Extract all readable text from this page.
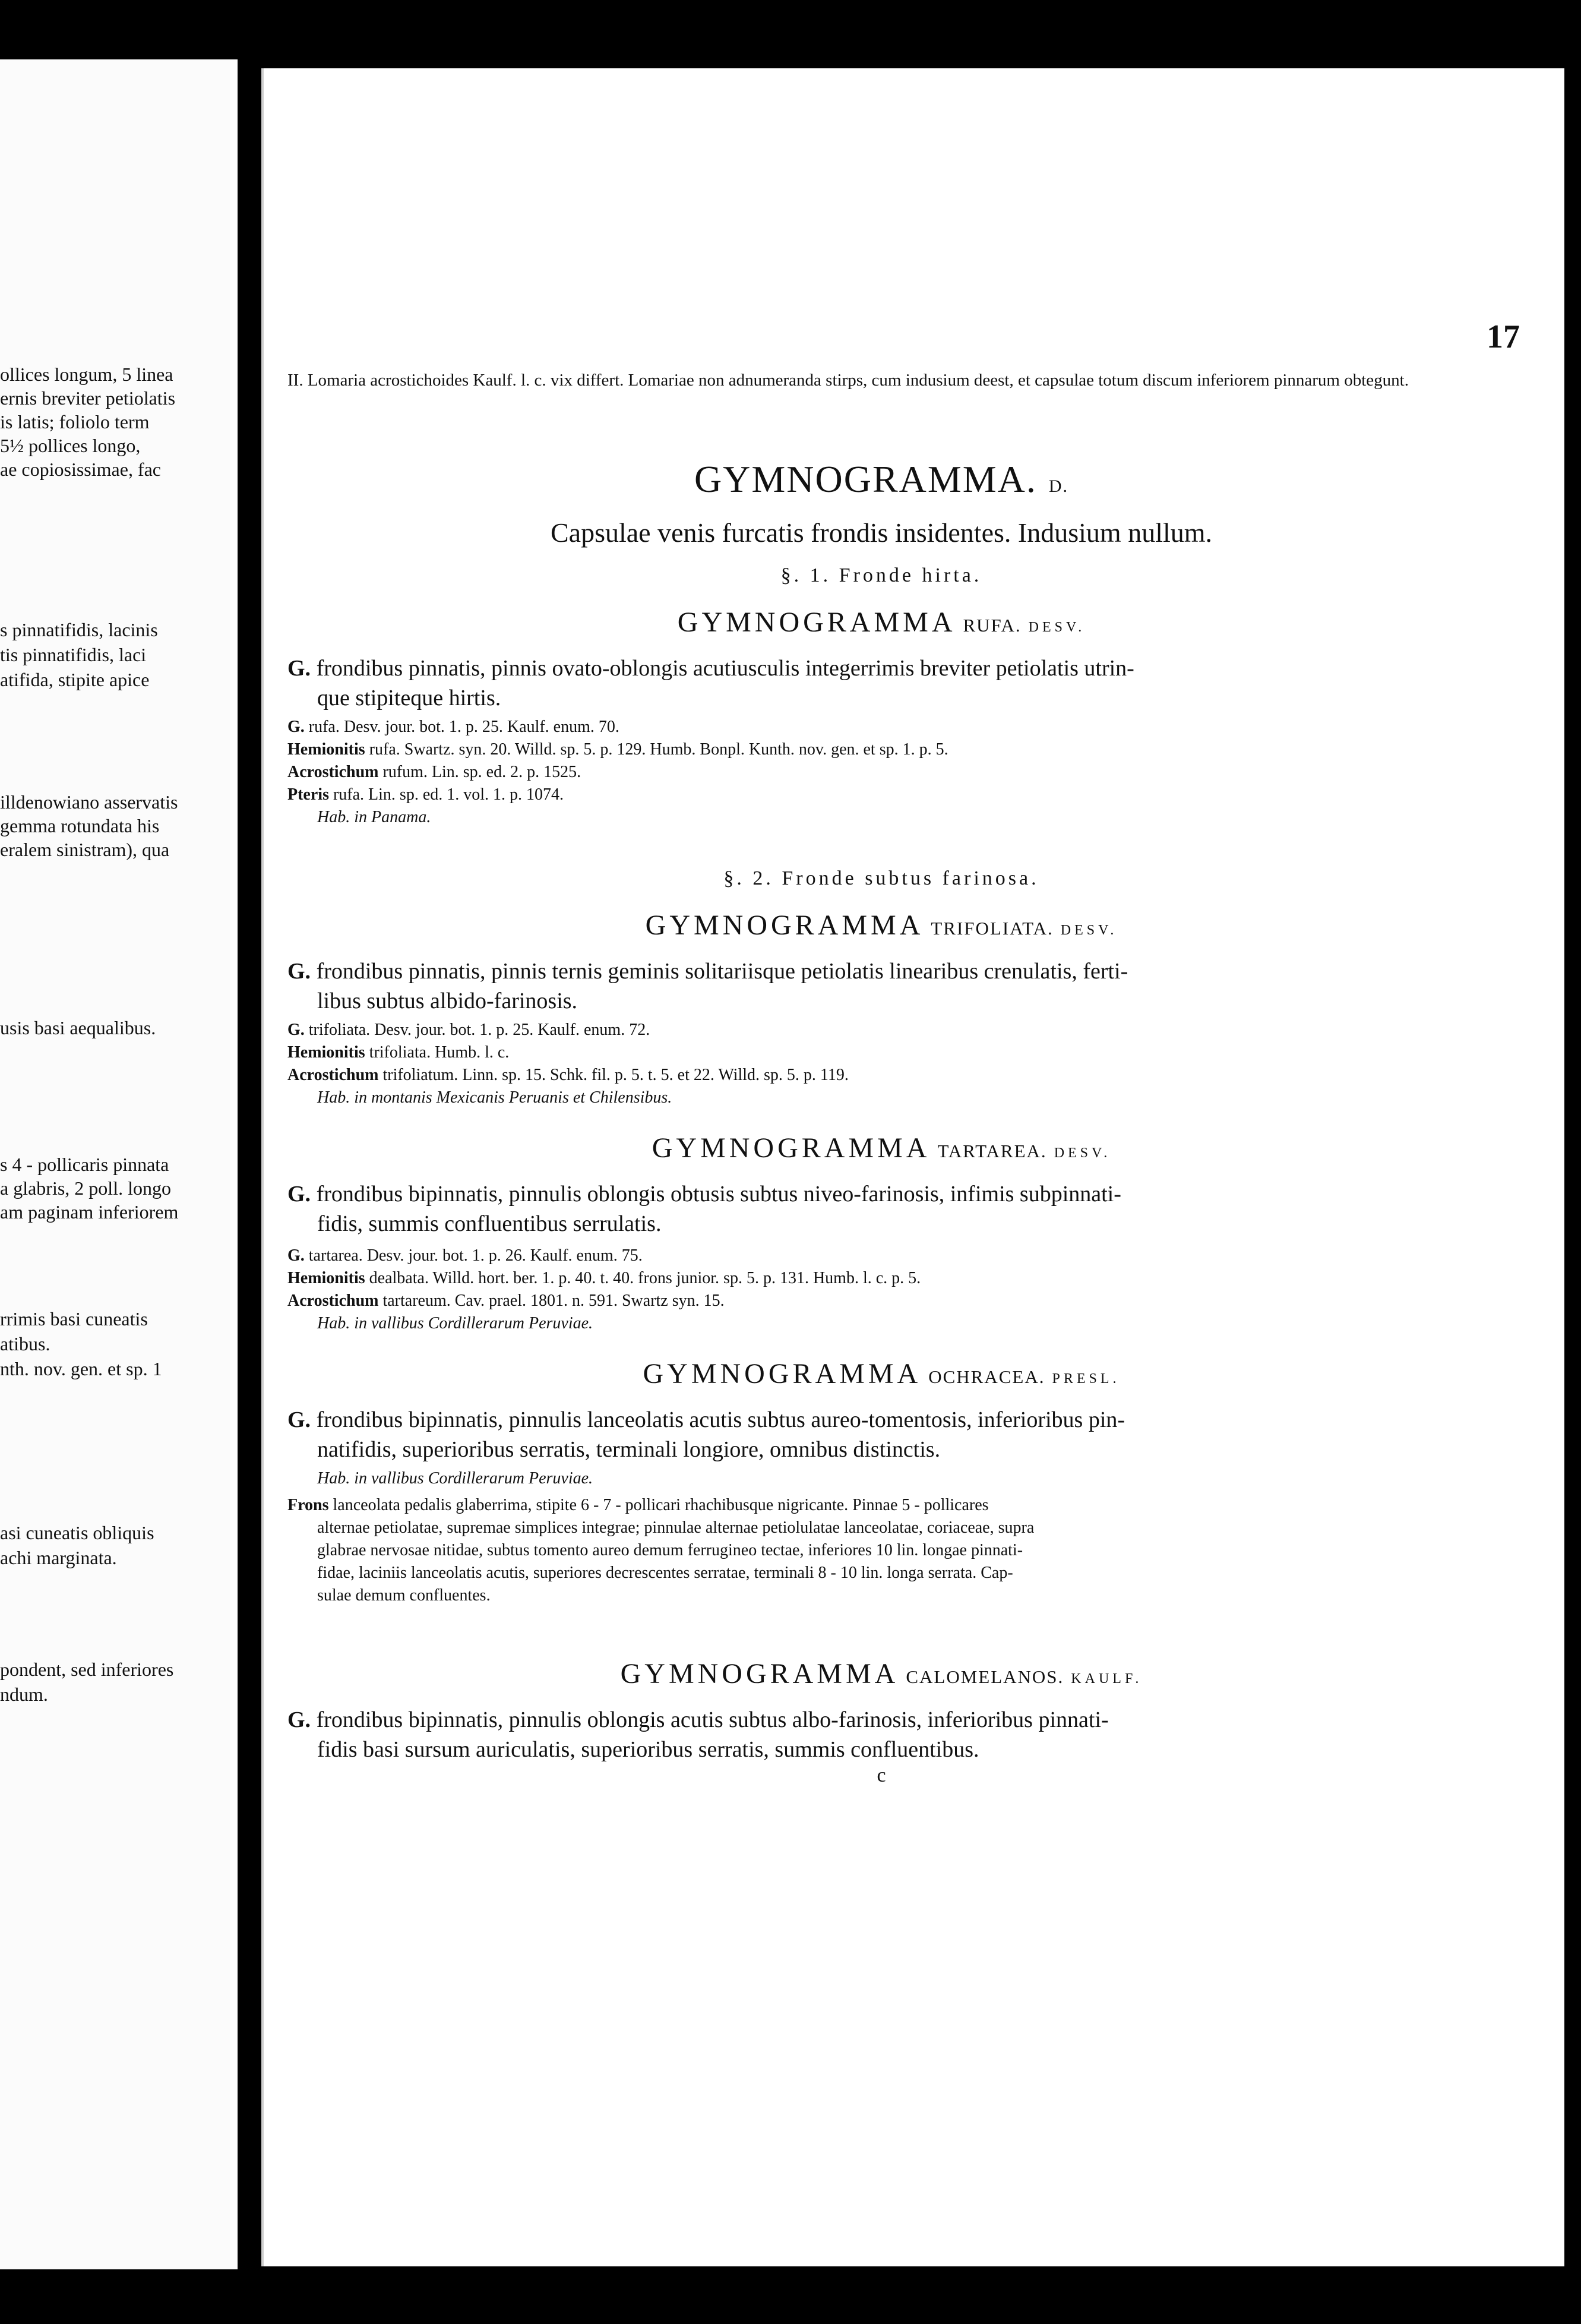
ollices longum, 5 linea
ernis breviter petiolatis
is latis; foliolo term
5½ pollices longo,
ae copiosissimae, fac
s pinnatifidis, lacinis
tis pinnatifidis, laci
atifida, stipite apice
illdenowiano asservatis
gemma rotundata his
eralem sinistram), qua
usis basi aequalibus.
s 4 - pollicaris pinnata
a glabris, 2 poll. longo
am paginam inferiorem
rrimis basi cuneatis
atibus.
nth. nov. gen. et sp. 1
asi cuneatis obliquis
achi marginata.
pondent, sed inferiores
ndum.
17
II. Lomaria acrostichoides Kaulf. l. c. vix differt. Lomariae non adnumeranda stirps, cum indusium deest, et capsulae totum discum inferiorem pinnarum obtegunt.
GYMNOGRAMMA. D.
Capsulae venis furcatis frondis insidentes. Indusium nullum.
§. 1. Fronde hirta.
GYMNOGRAMMA RUFA. DESV.
G. frondibus pinnatis, pinnis ovato-oblongis acutiusculis integerrimis breviter petiolatis utrin-
que stipiteque hirtis.
G. rufa. Desv. jour. bot. 1. p. 25. Kaulf. enum. 70.
Hemionitis rufa. Swartz. syn. 20. Willd. sp. 5. p. 129. Humb. Bonpl. Kunth. nov. gen. et sp. 1. p. 5.
Acrostichum rufum. Lin. sp. ed. 2. p. 1525.
Pteris rufa. Lin. sp. ed. 1. vol. 1. p. 1074.
Hab. in Panama.
§. 2. Fronde subtus farinosa.
GYMNOGRAMMA TRIFOLIATA. DESV.
G. frondibus pinnatis, pinnis ternis geminis solitariisque petiolatis linearibus crenulatis, ferti-
libus subtus albido-farinosis.
G. trifoliata. Desv. jour. bot. 1. p. 25. Kaulf. enum. 72.
Hemionitis trifoliata. Humb. l. c.
Acrostichum trifoliatum. Linn. sp. 15. Schk. fil. p. 5. t. 5. et 22. Willd. sp. 5. p. 119.
Hab. in montanis Mexicanis Peruanis et Chilensibus.
GYMNOGRAMMA TARTAREA. DESV.
G. frondibus bipinnatis, pinnulis oblongis obtusis subtus niveo-farinosis, infimis subpinnati-
fidis, summis confluentibus serrulatis.
G. tartarea. Desv. jour. bot. 1. p. 26. Kaulf. enum. 75.
Hemionitis dealbata. Willd. hort. ber. 1. p. 40. t. 40. frons junior. sp. 5. p. 131. Humb. l. c. p. 5.
Acrostichum tartareum. Cav. prael. 1801. n. 591. Swartz syn. 15.
Hab. in vallibus Cordillerarum Peruviae.
GYMNOGRAMMA OCHRACEA. PRESL.
G. frondibus bipinnatis, pinnulis lanceolatis acutis subtus aureo-tomentosis, inferioribus pin-
natifidis, superioribus serratis, terminali longiore, omnibus distinctis.
Hab. in vallibus Cordillerarum Peruviae.
Frons lanceolata pedalis glaberrima, stipite 6 - 7 - pollicari rhachibusque nigricante. Pinnae 5 - pollicares
alternae petiolatae, supremae simplices integrae; pinnulae alternae petiolulatae lanceolatae, coriaceae, supra
glabrae nervosae nitidae, subtus tomento aureo demum ferrugineo tectae, inferiores 10 lin. longae pinnati-
fidae, laciniis lanceolatis acutis, superiores decrescentes serratae, terminali 8 - 10 lin. longa serrata. Cap-
sulae demum confluentes.
GYMNOGRAMMA CALOMELANOS. KAULF.
G. frondibus bipinnatis, pinnulis oblongis acutis subtus albo-farinosis, inferioribus pinnati-
fidis basi sursum auriculatis, superioribus serratis, summis confluentibus.
c
